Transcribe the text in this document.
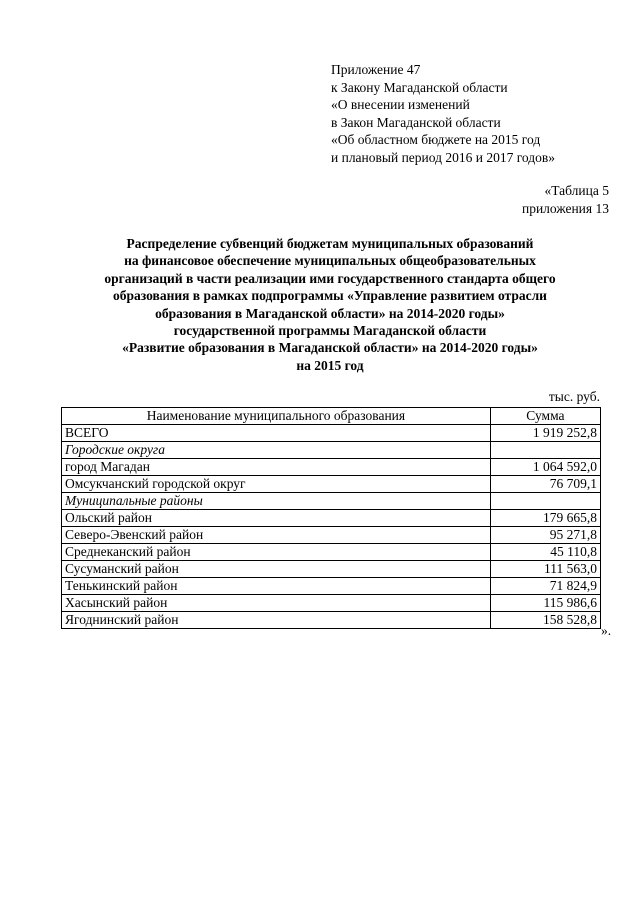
Приложение 47
к Закону Магаданской области
«О внесении изменений
в Закон Магаданской области
«Об областном бюджете на 2015 год
и плановый период 2016 и 2017 годов»
«Таблица 5
приложения 13
Распределение субвенций бюджетам муниципальных образований
на финансовое обеспечение муниципальных общеобразовательных
организаций в части реализации ими государственного стандарта общего
образования в рамках подпрограммы «Управление развитием отрасли
образования в Магаданской области» на 2014-2020 годы»
государственной программы Магаданской области
«Развитие образования в Магаданской области» на 2014-2020 годы»
на 2015 год
тыс. руб.
Наименование муниципального образования	Сумма
ВСЕГО	1 919 252,8
Городские округа	
город Магадан	1 064 592,0
Омсукчанский городской округ	76 709,1
Муниципальные районы	
Ольский район	179 665,8
Северо-Эвенский район	95 271,8
Среднеканский район	45 110,8
Сусуманский район	111 563,0
Тенькинский район	71 824,9
Хасынский район	115 986,6
Ягоднинский район	158 528,8
».
